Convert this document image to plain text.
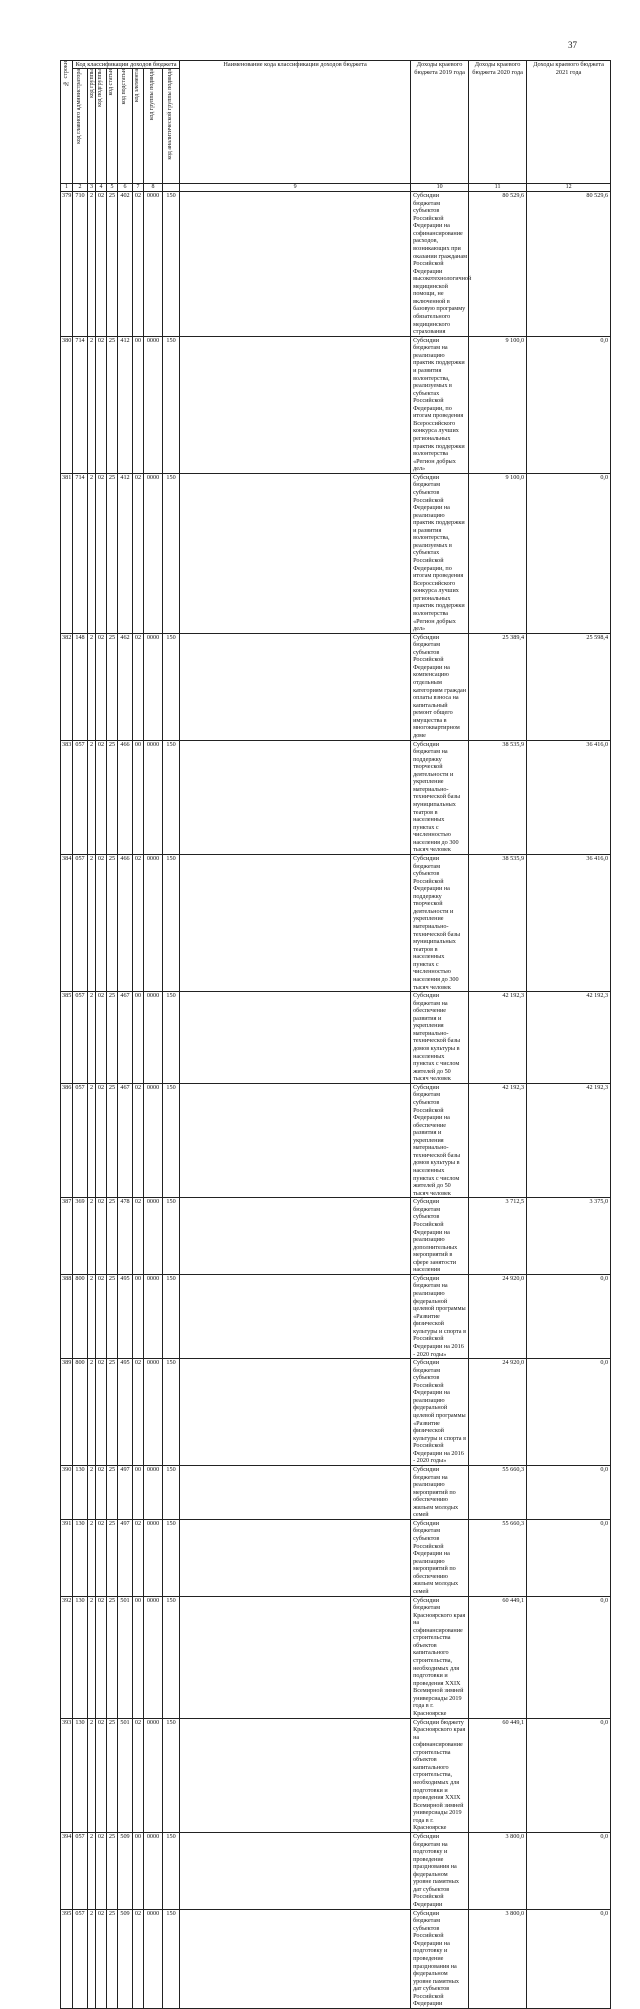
37
№ строки	Код классификации доходов бюджета								Наименование кода классификации доходов бюджета	Доходы краевого бюджета 2019 года	Доходы краевого бюджета 2020 года	Доходы краевого бюджета 2021 года	
	код главного администратора	код группы	код подгруппы	код статьи	код подстатьи	код элемента	код группы подвида	код аналитической группы подвида					
1	2	3	4	5	6	7	8		9	10	11	12	
379	710	2	02	25	402	02	0000	150		Субсидии бюджетам субъектов Российской Федерации на софинансирование расходов, возникающих при оказании гражданам Российской Федерации высокотехнологичной медицинской помощи, не включенной в базовую программу обязательного медицинского страхования	80 529,6	80 529,6	
380	714	2	02	25	412	00	0000	150		Субсидии бюджетам на реализацию практик поддержки и развития волонтерства, реализуемых в субъектах Российской Федерации, по итогам проведения Всероссийского конкурса лучших региональных практик поддержки волонтерства «Регион добрых дел»	9 100,0	0,0	
381	714	2	02	25	412	02	0000	150		Субсидии бюджетам субъектов Российской Федерации на реализацию практик поддержки и развития волонтерства, реализуемых в субъектах Российской Федерации, по итогам проведения Всероссийского конкурса лучших региональных практик поддержки волонтерства «Регион добрых дел»	9 100,0	0,0	
382	148	2	02	25	462	02	0000	150		Субсидии бюджетам субъектов Российской Федерации на компенсацию отдельным категориям граждан оплаты взноса на капитальный ремонт общего имущества в многоквартирном доме	25 389,4	25 598,4	
383	057	2	02	25	466	00	0000	150		Субсидии бюджетам на поддержку творческой деятельности и укрепление материально-технической базы муниципальных театров в населенных пунктах с численностью населения до 300 тысяч человек	38 535,9	36 416,0	
384	057	2	02	25	466	02	0000	150		Субсидии бюджетам субъектов Российской Федерации на поддержку творческой деятельности и укрепление материально-технической базы муниципальных театров в населенных пунктах с численностью населения до 300 тысяч человек	38 535,9	36 416,0	
385	057	2	02	25	467	00	0000	150		Субсидии бюджетам на обеспечение развития и укрепления материально-технической базы домов культуры в населенных пунктах с числом жителей до 50 тысяч человек	42 192,3	42 192,3	
386	057	2	02	25	467	02	0000	150		Субсидии бюджетам субъектов Российской Федерации на обеспечение развития и укрепления материально-технической базы домов культуры в населенных пунктах с числом жителей до 50 тысяч человек	42 192,3	42 192,3	
387	369	2	02	25	478	02	0000	150		Субсидии бюджетам субъектов Российской Федерации на реализацию дополнительных мероприятий в сфере занятости населения	3 712,5	3 375,0	
388	800	2	02	25	495	00	0000	150		Субсидии бюджетам на реализацию федеральной целевой программы «Развитие физической культуры и спорта в Российской Федерации на 2016 - 2020 годы»	24 920,0	0,0	
389	800	2	02	25	495	02	0000	150		Субсидии бюджетам субъектов Российской Федерации на реализацию федеральной целевой программы «Развитие физической культуры и спорта в Российской Федерации на 2016 - 2020 годы»	24 920,0	0,0	
390	130	2	02	25	497	00	0000	150		Субсидии бюджетам на реализацию мероприятий по обеспечению жильем молодых семей	55 660,3	0,0	
391	130	2	02	25	497	02	0000	150		Субсидии бюджетам субъектов Российской Федерации на реализацию мероприятий по обеспечению жильем молодых семей	55 660,3	0,0	
392	130	2	02	25	501	00	0000	150		Субсидии бюджетам Красноярского края на софинансирование строительства объектов капитального строительства, необходимых для подготовки и проведения XXIX Всемирной зимней универсиады 2019 года в г. Красноярске	60 449,1	0,0	
393	130	2	02	25	501	02	0000	150		Субсидии бюджету Красноярского края на софинансирование строительства объектов капитального строительства, необходимых для подготовки и проведения XXIX Всемирной зимней универсиады 2019 года в г. Красноярске	60 449,1	0,0	
394	057	2	02	25	509	00	0000	150		Субсидии бюджетам на подготовку и проведение празднования на федеральном уровне памятных дат субъектов Российской Федерации	3 800,0	0,0	
395	057	2	02	25	509	02	0000	150		Субсидии бюджетам субъектов Российской Федерации на подготовку и проведение празднования на федеральном уровне памятных дат субъектов Российской Федерации	3 800,0	0,0	
